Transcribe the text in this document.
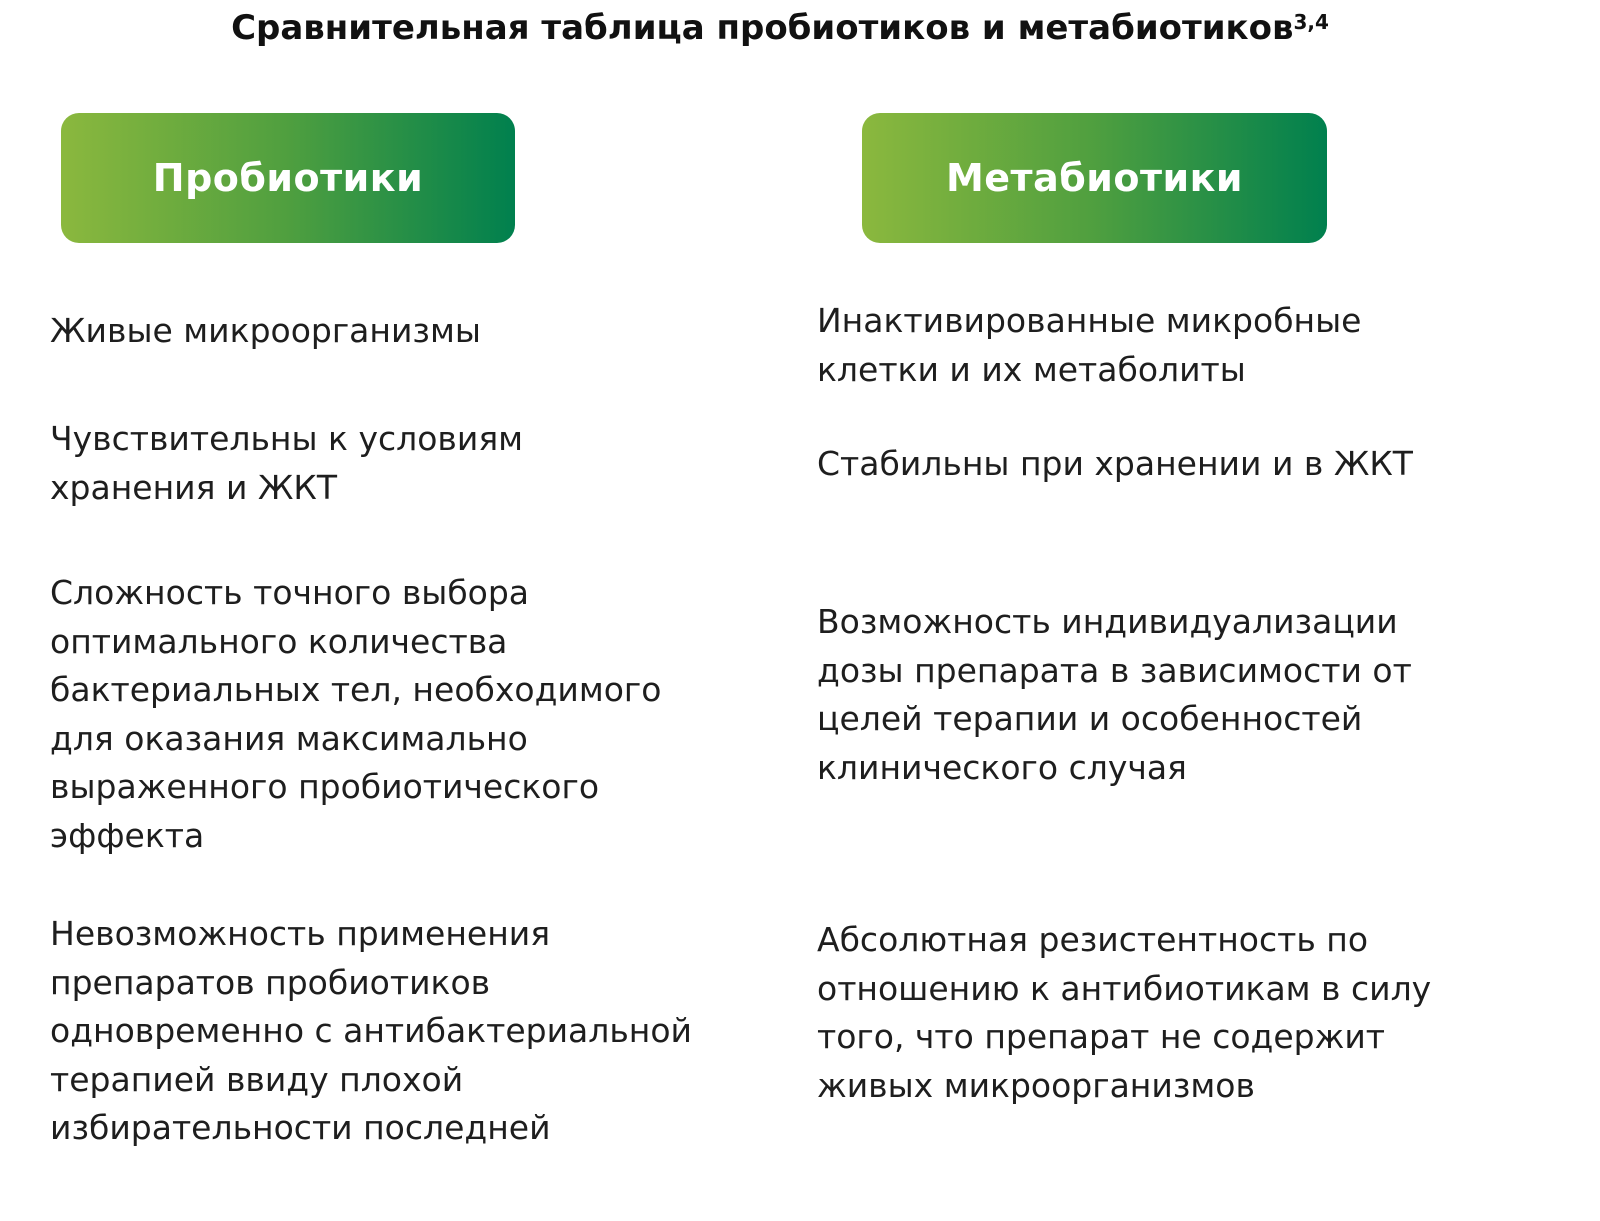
Сравнительная таблица пробиотиков и метабиотиков$^{3,4}$
Пробиотики	Метабиотики
Живые микроорганизмы	Инактивированные микробные
клетки и их метаболиты
Чувствительны к условиям
хранения и ЖКТ
Стабильны при хранении и в ЖКТ
Сложность точного выбора
оптимального количества
бактериальных тел, необходимого
для оказания максимально
выраженного пробиотического
эффекта
Возможность индивидуализации
дозы препарата в зависимости от
целей терапии и особенностей
клинического случая
Невозможность применения
препаратов пробиотиков
одновременно с антибактериальной
терапией ввиду плохой
избирательности последней
Абсолютная резистентность по
отношению к антибиотикам в силу
того, что препарат не содержит
живых микроорганизмов
